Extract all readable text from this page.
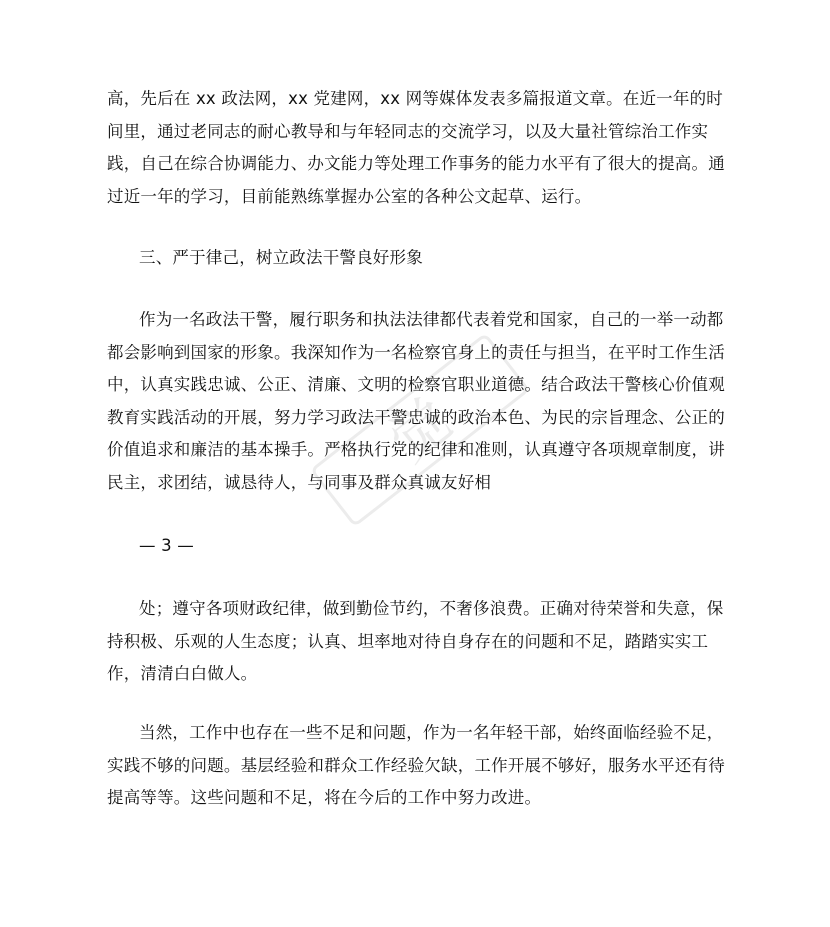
觉

高，先后在 xx 政法网，xx 党建网，xx 网等媒体发表多篇报道文章。在近一年的时间里，通过老同志的耐心教导和与年轻同志的交流学习，以及大量社管综治工作实践，自己在综合协调能力、办文能力等处理工作事务的能力水平有了很大的提高。通过近一年的学习，目前能熟练掌握办公室的各种公文起草、运行。

三、严于律己，树立政法干警良好形象

作为一名政法干警，履行职务和执法法律都代表着党和国家，自己的一举一动都都会影响到国家的形象。我深知作为一名检察官身上的责任与担当，在平时工作生活中，认真实践忠诚、公正、清廉、文明的检察官职业道德。结合政法干警核心价值观教育实践活动的开展，努力学习政法干警忠诚的政治本色、为民的宗旨理念、公正的价值追求和廉洁的基本操手。严格执行党的纪律和准则，认真遵守各项规章制度，讲民主，求团结，诚恳待人，与同事及群众真诚友好相

— 3 —

处；遵守各项财政纪律，做到勤俭节约，不奢侈浪费。正确对待荣誉和失意，保持积极、乐观的人生态度；认真、坦率地对待自身存在的问题和不足，踏踏实实工作，清清白白做人。

当然，工作中也存在一些不足和问题，作为一名年轻干部，始终面临经验不足，实践不够的问题。基层经验和群众工作经验欠缺，工作开展不够好，服务水平还有待提高等等。这些问题和不足，将在今后的工作中努力改进。
